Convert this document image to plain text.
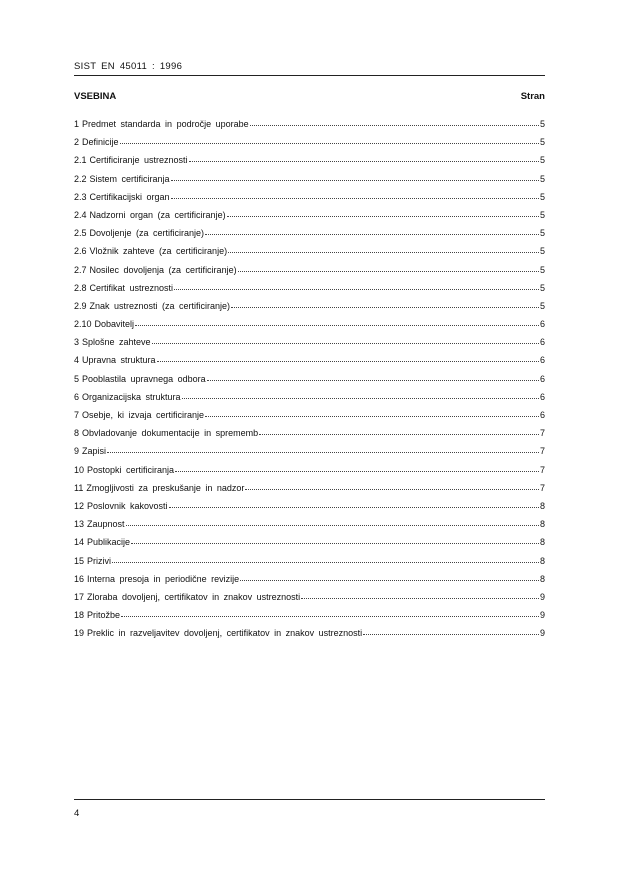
SIST EN 45011 : 1996
VSEBINA	Stran
1 Predmet standarda in področje uporabe	5
2 Definicije	5
2.1 Certificiranje ustreznosti	5
2.2 Sistem certificiranja	5
2.3 Certifikacijski organ	5
2.4 Nadzorni organ (za certificiranje)	5
2.5 Dovoljenje (za certificiranje)	5
2.6 Vložnik zahteve (za certificiranje)	5
2.7 Nosilec dovoljenja (za certificiranje)	5
2.8 Certifikat ustreznosti	5
2.9 Znak ustreznosti (za certificiranje)	5
2.10 Dobavitelj	6
3 Splošne zahteve	6
4 Upravna struktura	6
5 Pooblastila upravnega odbora	6
6 Organizacijska struktura	6
7 Osebje, ki izvaja certificiranje	6
8 Obvladovanje dokumentacije in sprememb	7
9 Zapisi	7
10 Postopki certificiranja	7
11 Zmogljivosti za preskušanje in nadzor	7
12 Poslovnik kakovosti	8
13 Zaupnost	8
14 Publikacije	8
15 Prizivi	8
16 Interna presoja in periodične revizije	8
17 Zloraba dovoljenj, certifikatov in znakov ustreznosti	9
18 Pritožbe	9
19 Preklic in razveljavitev dovoljenj, certifikatov in znakov ustreznosti	9
4
